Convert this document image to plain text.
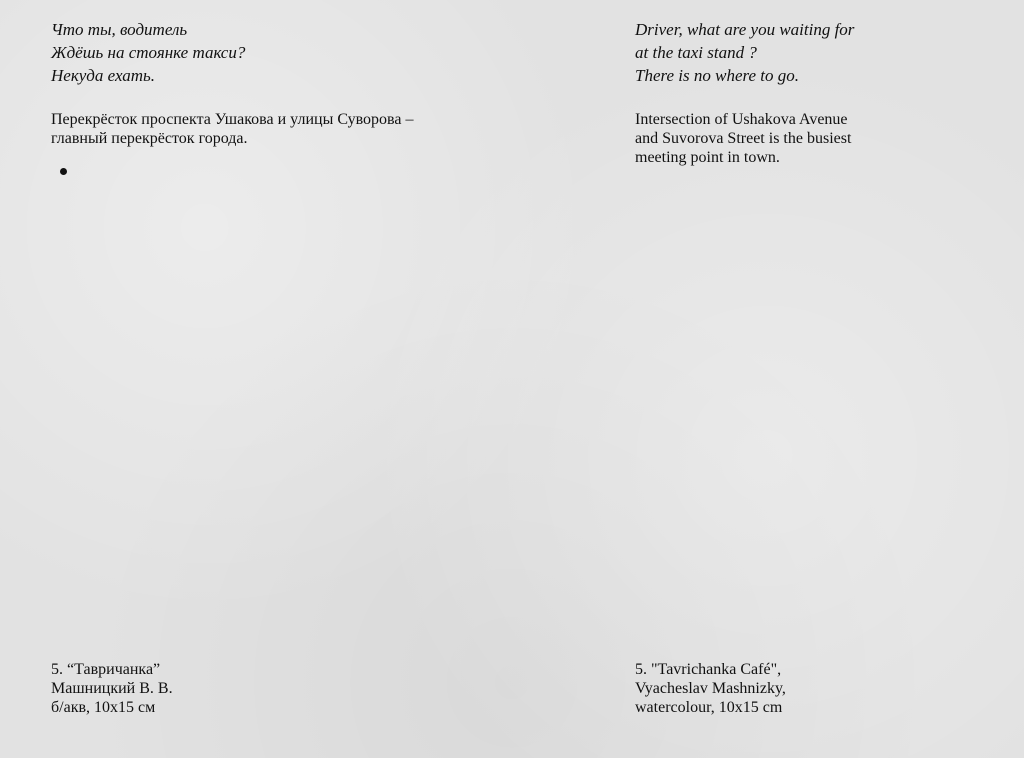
Что ты, водитель
Ждёшь на стоянке такси?
Некуда ехать.
Перекрёсток проспекта Ушакова и улицы Суворова –
главный перекрёсток города.
5. “Тавричанка”
Машницкий В. В.
б/акв, 10x15 см
Driver, what are you waiting for
at the taxi stand ?
There is no where to go.
Intersection of Ushakova Avenue
and Suvorova Street is the busiest
meeting point in town.
5. "Tavrichanka Café",
Vyacheslav Mashnizky,
watercolour, 10x15 cm
